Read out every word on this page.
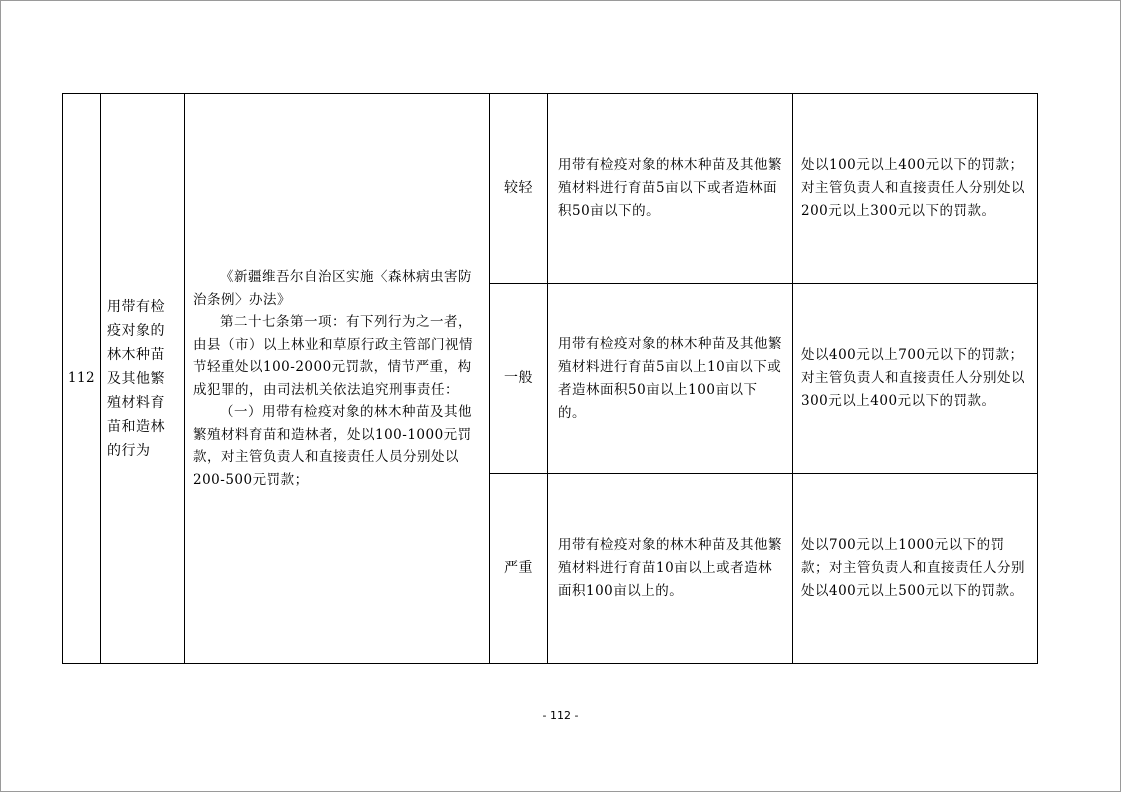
112	用带有检疫对象的林木种苗及其他繁殖材料育苗和造林的行为	《新疆维吾尔自治区实施〈森林病虫害防治条例〉办法》

第二十七条第一项：有下列行为之一者，由县（市）以上林业和草原行政主管部门视情节轻重处以100-2000元罚款，情节严重，构成犯罪的，由司法机关依法追究刑事责任：

（一）用带有检疫对象的林木种苗及其他繁殖材料育苗和造林者，处以100-1000元罚款，对主管负责人和直接责任人员分别处以200-500元罚款；	较轻	用带有检疫对象的林木种苗及其他繁殖材料进行育苗5亩以下或者造林面积50亩以下的。	处以100元以上400元以下的罚款；对主管负责人和直接责任人分别处以200元以上300元以下的罚款。
			一般	用带有检疫对象的林木种苗及其他繁殖材料进行育苗5亩以上10亩以下或者造林面积50亩以上100亩以下的。	处以400元以上700元以下的罚款；对主管负责人和直接责任人分别处以300元以上400元以下的罚款。
			严重	用带有检疫对象的林木种苗及其他繁殖材料进行育苗10亩以上或者造林面积100亩以上的。	处以700元以上1000元以下的罚款；对主管负责人和直接责任人分别处以400元以上500元以下的罚款。
- 112 -
